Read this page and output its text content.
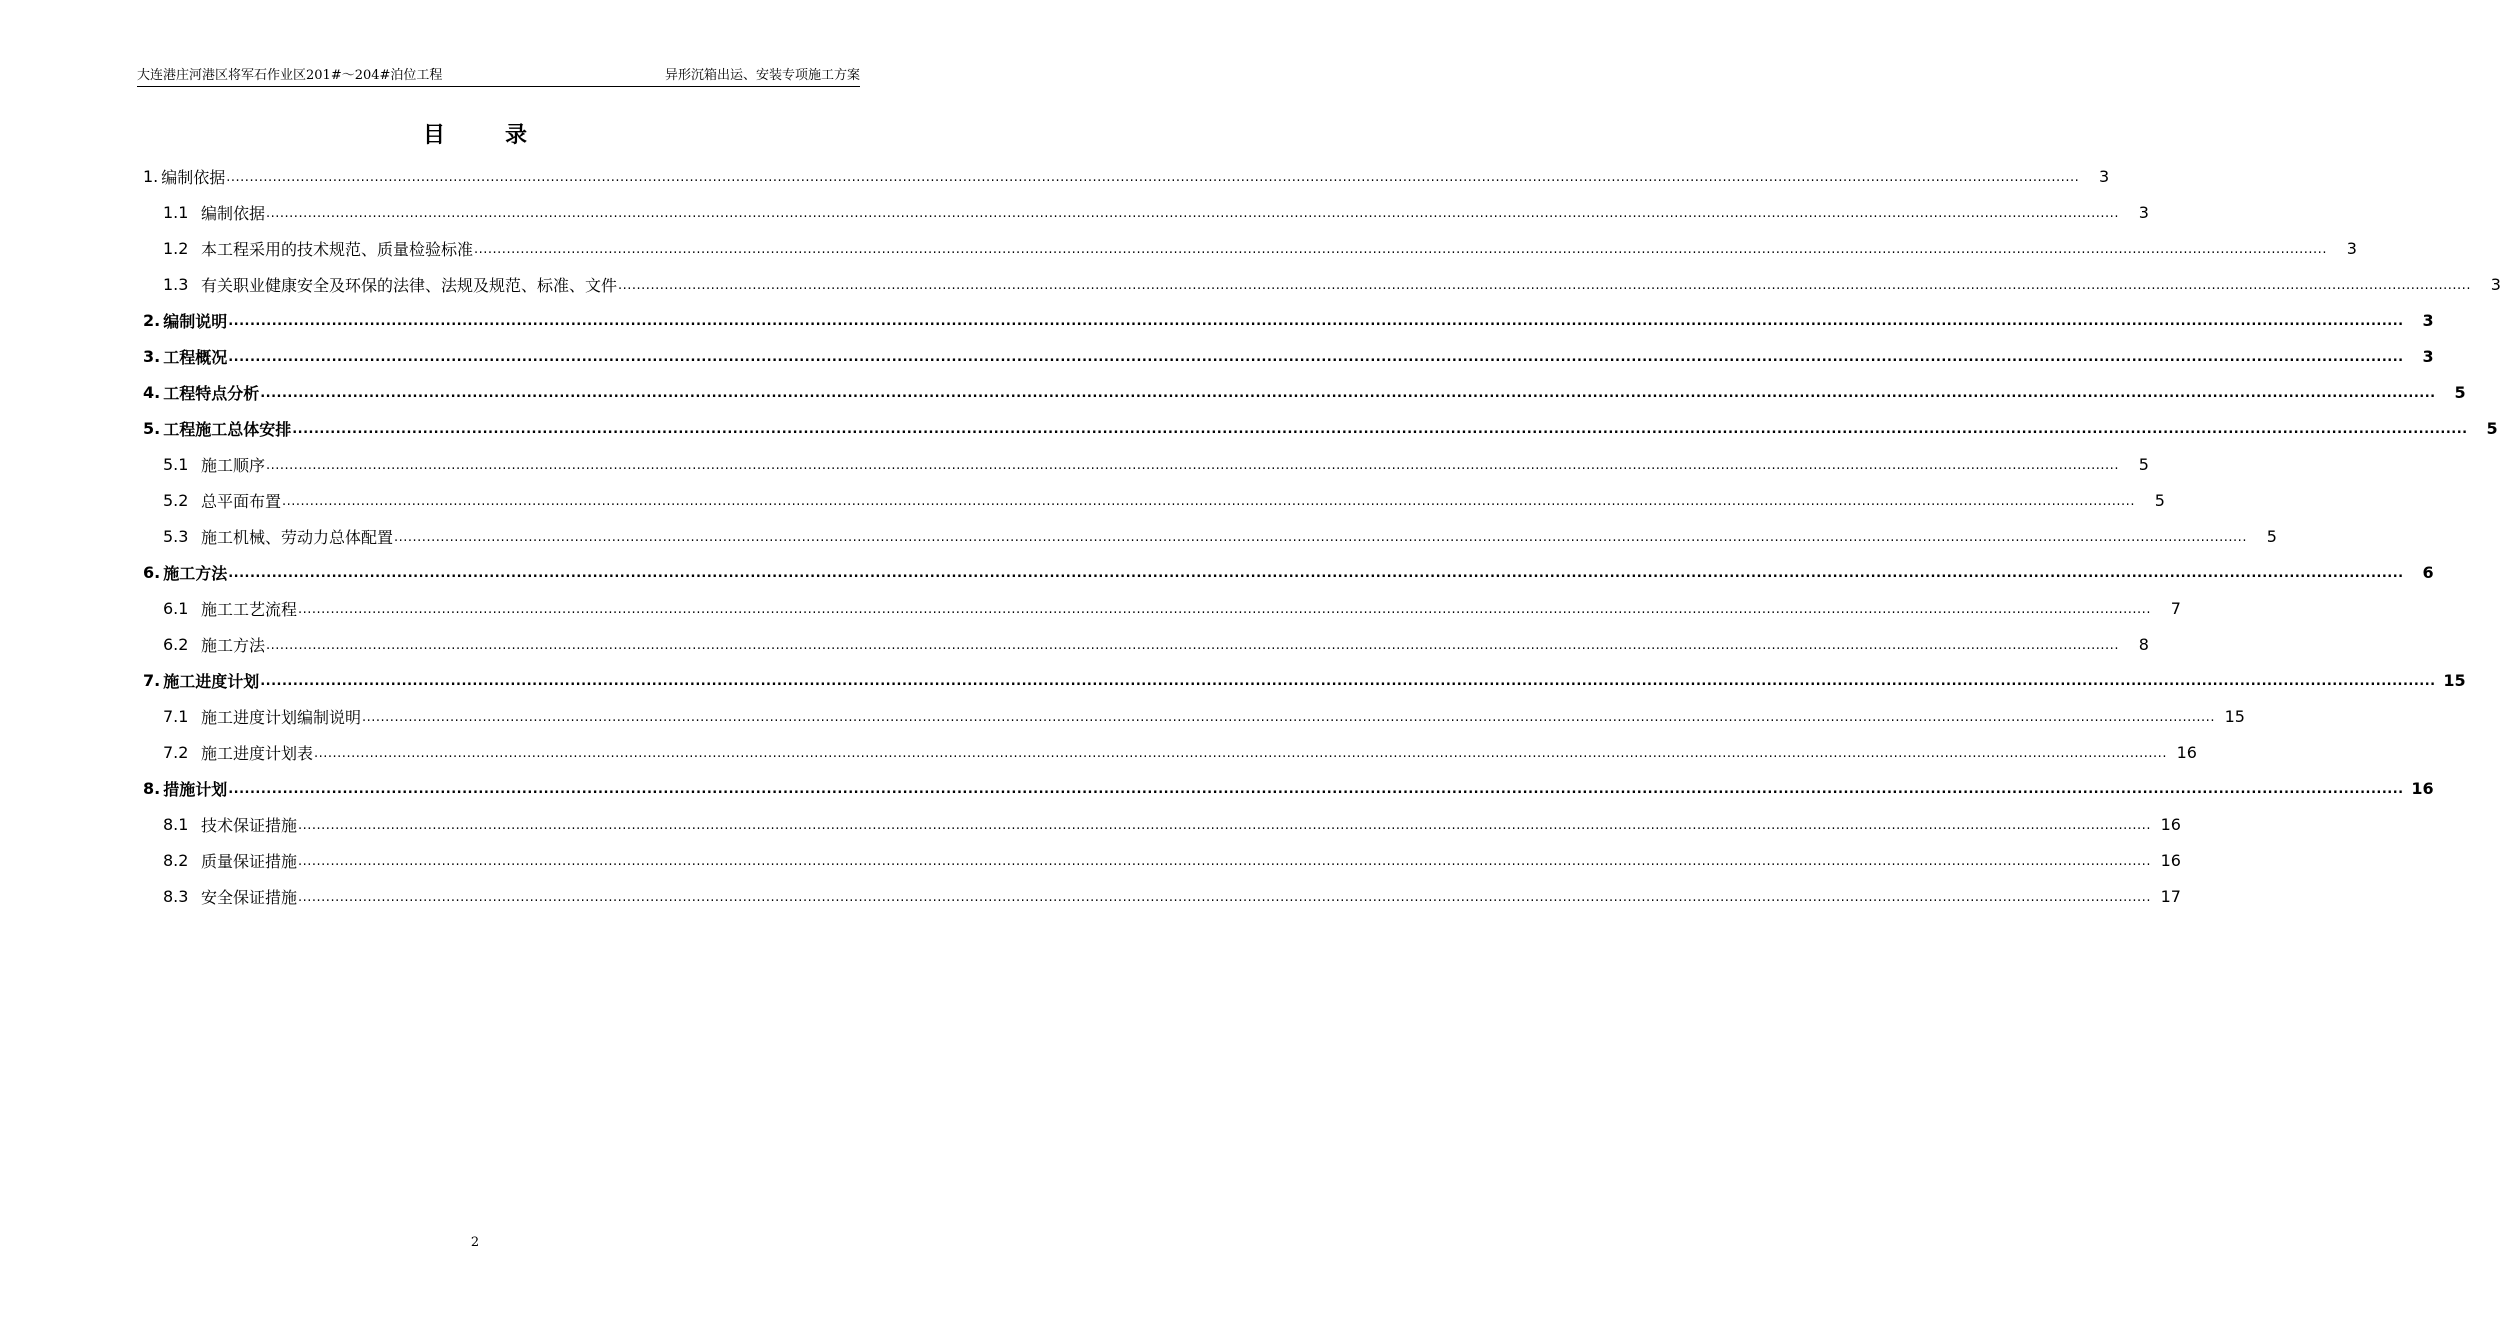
大连港庄河港区将军石作业区201#～204#泊位工程	异形沉箱出运、安装专项施工方案
目	录
1. 编制依据 ................................................................................................................................................................................................................................................................................................................................................................................................................	3
1.1 编制依据 ................................................................................................................................................................................................................................................................................................................................................................................................................	3
1.2 本工程采用的技术规范、质量检验标准 ................................................................................................................................................................................................................................................................................................................................................................................................................	3
1.3 有关职业健康安全及环保的法律、法规及规范、标准、文件 ................................................................................................................................................................................................................................................................................................................................................................................................................	3
2. 编制说明 ................................................................................................................................................................................................................................................................................................................................................................................................................	3
3. 工程概况 ................................................................................................................................................................................................................................................................................................................................................................................................................	3
4. 工程特点分析 ................................................................................................................................................................................................................................................................................................................................................................................................................	5
5. 工程施工总体安排 ................................................................................................................................................................................................................................................................................................................................................................................................................	5
5.1 施工顺序 ................................................................................................................................................................................................................................................................................................................................................................................................................	5
5.2 总平面布置 ................................................................................................................................................................................................................................................................................................................................................................................................................	5
5.3 施工机械、劳动力总体配置 ................................................................................................................................................................................................................................................................................................................................................................................................................	5
6. 施工方法 ................................................................................................................................................................................................................................................................................................................................................................................................................	6
6.1 施工工艺流程 ................................................................................................................................................................................................................................................................................................................................................................................................................	7
6.2 施工方法 ................................................................................................................................................................................................................................................................................................................................................................................................................	8
7. 施工进度计划 ................................................................................................................................................................................................................................................................................................................................................................................................................ 15
7.1 施工进度计划编制说明 ................................................................................................................................................................................................................................................................................................................................................................................................................ 15
7.2 施工进度计划表 ................................................................................................................................................................................................................................................................................................................................................................................................................ 16
8. 措施计划 ................................................................................................................................................................................................................................................................................................................................................................................................................ 16
8.1 技术保证措施 ................................................................................................................................................................................................................................................................................................................................................................................................................ 16
8.2 质量保证措施 ................................................................................................................................................................................................................................................................................................................................................................................................................ 16
8.3 安全保证措施 ................................................................................................................................................................................................................................................................................................................................................................................................................ 17
2
